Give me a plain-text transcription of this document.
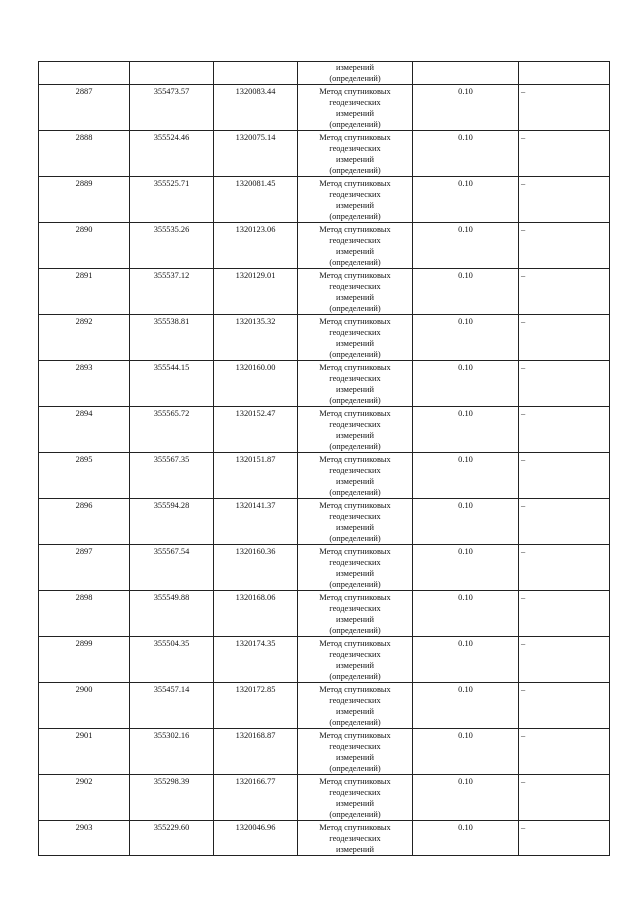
			измерений
(определений)		

2887	355473.57	1320083.44	Метод спутниковых
геодезических
измерений
(определений)	0.10	–
2888	355524.46	1320075.14	Метод спутниковых
геодезических
измерений
(определений)	0.10	–
2889	355525.71	1320081.45	Метод спутниковых
геодезических
измерений
(определений)	0.10	–
2890	355535.26	1320123.06	Метод спутниковых
геодезических
измерений
(определений)	0.10	–
2891	355537.12	1320129.01	Метод спутниковых
геодезических
измерений
(определений)	0.10	–
2892	355538.81	1320135.32	Метод спутниковых
геодезических
измерений
(определений)	0.10	–
2893	355544.15	1320160.00	Метод спутниковых
геодезических
измерений
(определений)	0.10	–
2894	355565.72	1320152.47	Метод спутниковых
геодезических
измерений
(определений)	0.10	–
2895	355567.35	1320151.87	Метод спутниковых
геодезических
измерений
(определений)	0.10	–
2896	355594.28	1320141.37	Метод спутниковых
геодезических
измерений
(определений)	0.10	–
2897	355567.54	1320160.36	Метод спутниковых
геодезических
измерений
(определений)	0.10	–
2898	355549.88	1320168.06	Метод спутниковых
геодезических
измерений
(определений)	0.10	–
2899	355504.35	1320174.35	Метод спутниковых
геодезических
измерений
(определений)	0.10	–
2900	355457.14	1320172.85	Метод спутниковых
геодезических
измерений
(определений)	0.10	–
2901	355302.16	1320168.87	Метод спутниковых
геодезических
измерений
(определений)	0.10	–
2902	355298.39	1320166.77	Метод спутниковых
геодезических
измерений
(определений)	0.10	–
2903	355229.60	1320046.96	Метод спутниковых
геодезических
измерений	0.10	–
